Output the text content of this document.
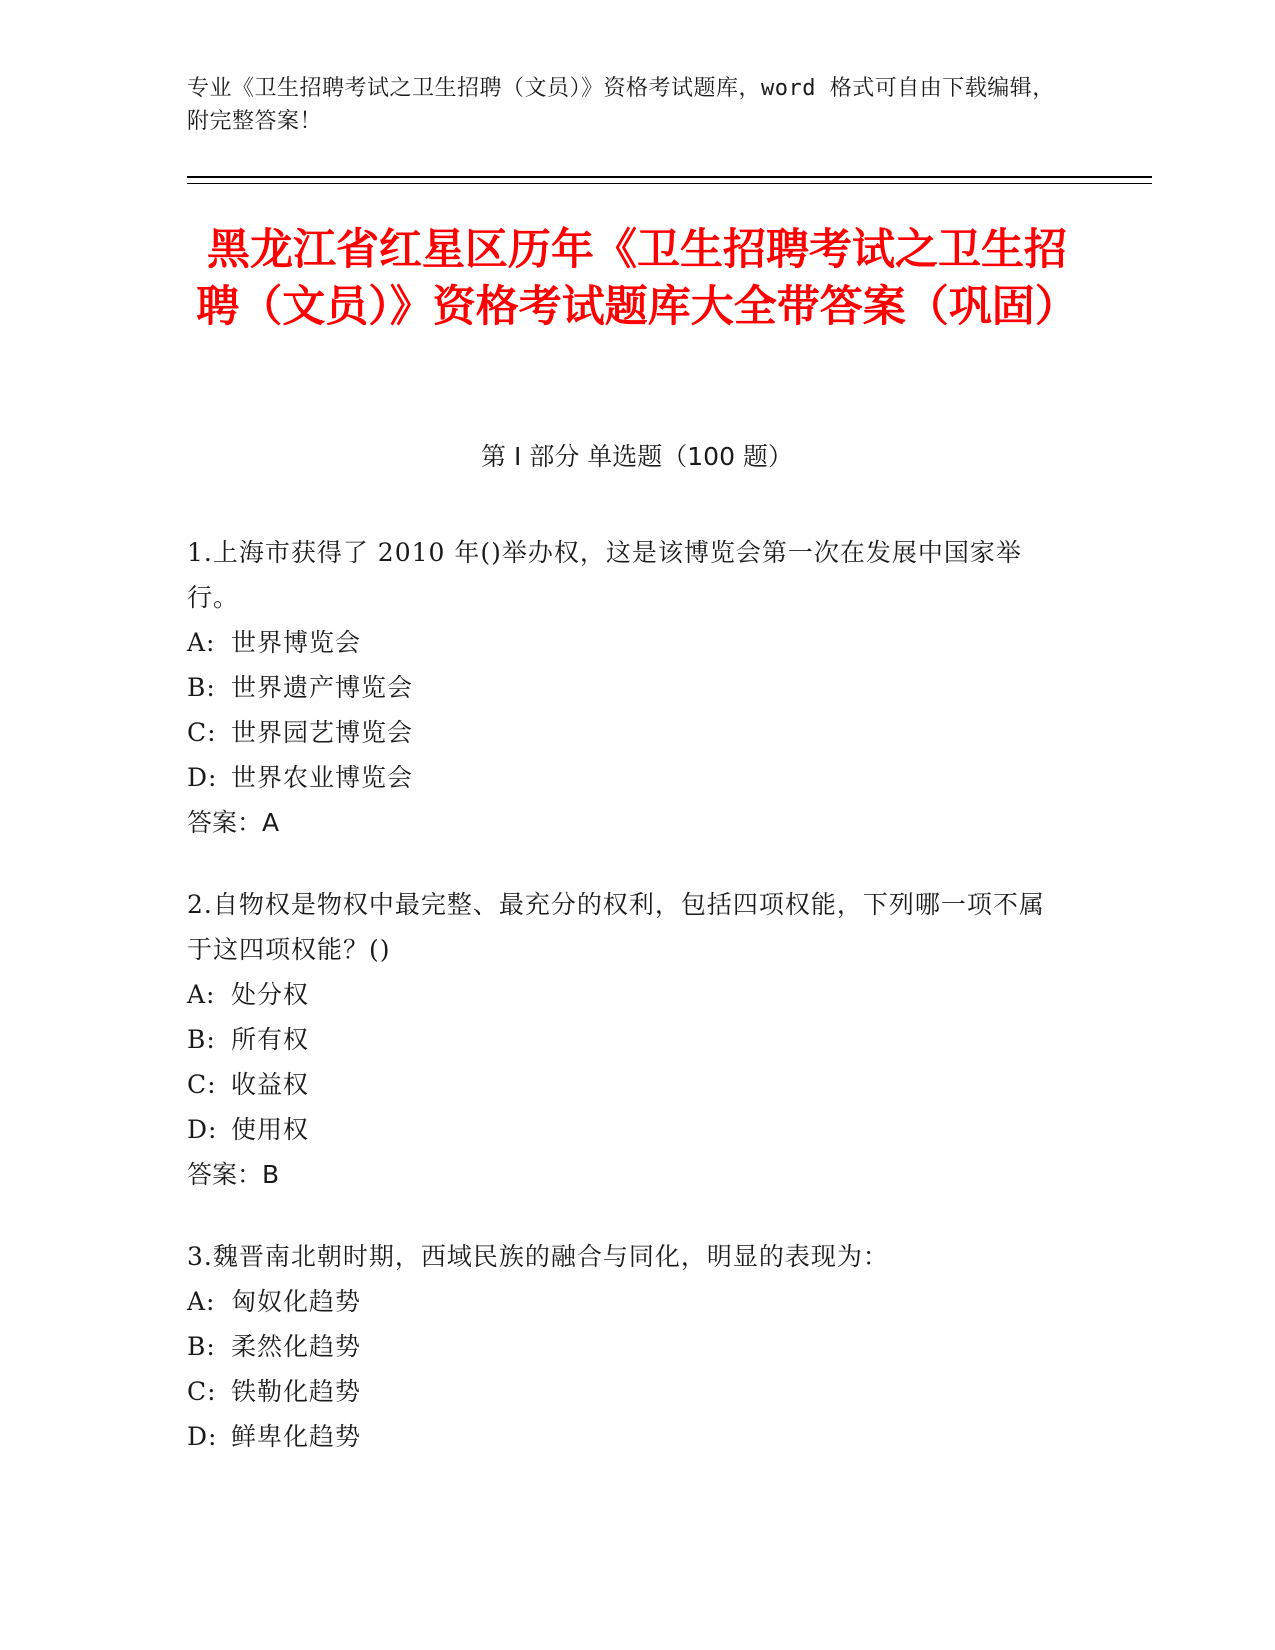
专业《卫生招聘考试之卫生招聘（文员）》资格考试题库，word 格式可自由下载编辑，附完整答案！
黑龙江省红星区历年《卫生招聘考试之卫生招聘（文员）》资格考试题库大全带答案（巩固）
第 I 部分 单选题（100 题）
1.上海市获得了 2010 年()举办权，这是该博览会第一次在发展中国家举行。
A: 世界博览会
B: 世界遗产博览会
C: 世界园艺博览会
D: 世界农业博览会
答案：A
2.自物权是物权中最完整、最充分的权利，包括四项权能，下列哪一项不属于这四项权能？()
A: 处分权
B: 所有权
C: 收益权
D: 使用权
答案：B
3.魏晋南北朝时期，西域民族的融合与同化，明显的表现为：
A: 匈奴化趋势
B: 柔然化趋势
C: 铁勒化趋势
D: 鲜卑化趋势
